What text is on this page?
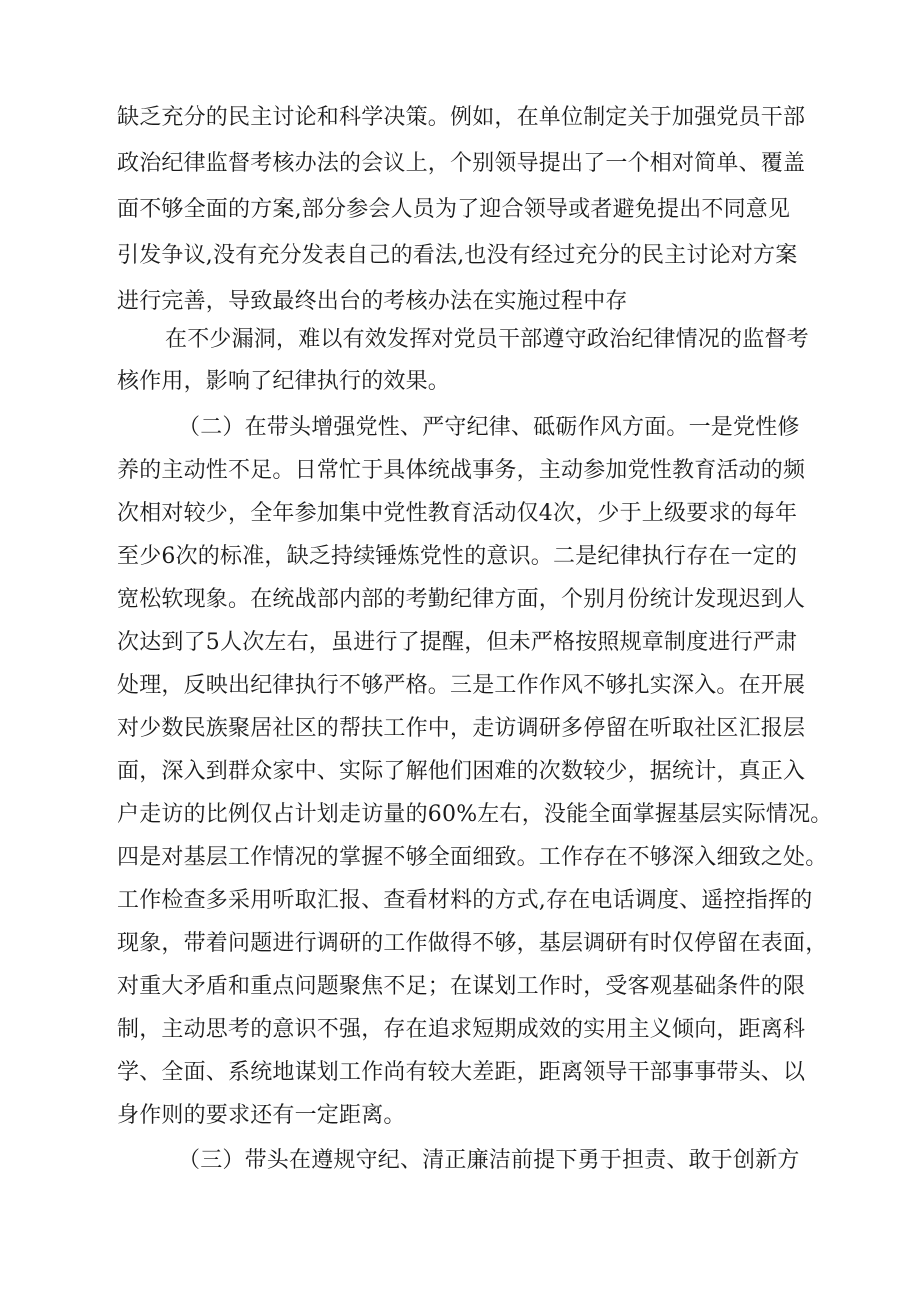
缺乏充分的民主讨论和科学决策。例如，在单位制定关于加强党员干部
政治纪律监督考核办法的会议上，个别领导提出了一个相对简单、覆盖
面不够全面的方案,部分参会人员为了迎合领导或者避免提出不同意见
引发争议,没有充分发表自己的看法,也没有经过充分的民主讨论对方案
进行完善，导致最终出台的考核办法在实施过程中存
在不少漏洞，难以有效发挥对党员干部遵守政治纪律情况的监督考
核作用，影响了纪律执行的效果。
（二）在带头增强党性、严守纪律、砥砺作风方面。一是党性修
养的主动性不足。日常忙于具体统战事务，主动参加党性教育活动的频
次相对较少，全年参加集中党性教育活动仅4次，少于上级要求的每年
至少6次的标准，缺乏持续锤炼党性的意识。二是纪律执行存在一定的
宽松软现象。在统战部内部的考勤纪律方面，个别月份统计发现迟到人
次达到了5人次左右，虽进行了提醒，但未严格按照规章制度进行严肃
处理，反映出纪律执行不够严格。三是工作作风不够扎实深入。在开展
对少数民族聚居社区的帮扶工作中，走访调研多停留在听取社区汇报层
面，深入到群众家中、实际了解他们困难的次数较少，据统计，真正入
户走访的比例仅占计划走访量的60%左右，没能全面掌握基层实际情况。
四是对基层工作情况的掌握不够全面细致。工作存在不够深入细致之处。
工作检查多采用听取汇报、查看材料的方式,存在电话调度、遥控指挥的
现象，带着问题进行调研的工作做得不够，基层调研有时仅停留在表面，
对重大矛盾和重点问题聚焦不足；在谋划工作时，受客观基础条件的限
制，主动思考的意识不强，存在追求短期成效的实用主义倾向，距离科
学、全面、系统地谋划工作尚有较大差距，距离领导干部事事带头、以
身作则的要求还有一定距离。
（三）带头在遵规守纪、清正廉洁前提下勇于担责、敢于创新方
